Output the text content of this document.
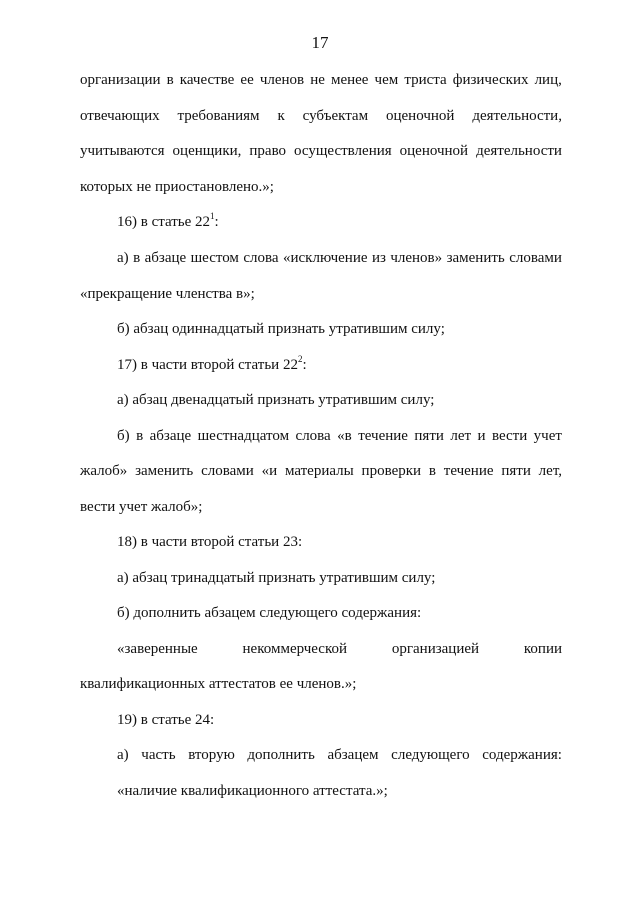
17
организации в качестве ее членов не менее чем триста физических лиц,
отвечающих требованиям к субъектам оценочной деятельности,
учитываются оценщики, право осуществления оценочной деятельности
которых не приостановлено.»;
16) в статье $22^1$:
а) в абзаце шестом слова «исключение из членов» заменить словами
«прекращение членства в»;
б) абзац одиннадцатый признать утратившим силу;
17) в части второй статьи $22^2$:
а) абзац двенадцатый признать утратившим силу;
б) в абзаце шестнадцатом слова «в течение пяти лет и вести учет
жалоб» заменить словами «и материалы проверки в течение пяти лет,
вести учет жалоб»;
18) в части второй статьи 23:
а) абзац тринадцатый признать утратившим силу;
б) дополнить абзацем следующего содержания:
«заверенные	некоммерческой	организацией	копии
квалификационных аттестатов ее членов.»;
19) в статье 24:
а) часть вторую дополнить абзацем следующего содержания:
«наличие квалификационного аттестата.»;
